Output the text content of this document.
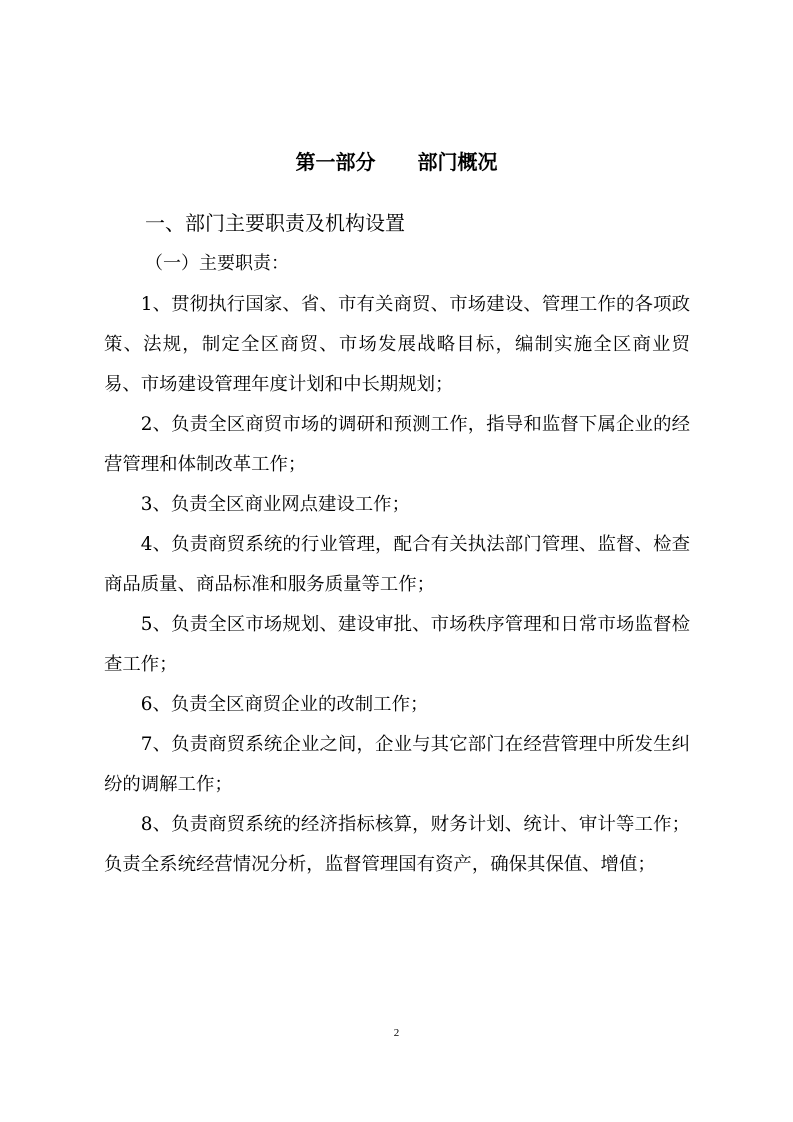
第一部分 部门概况
一、部门主要职责及机构设置
（一）主要职责：

1、贯彻执行国家、省、市有关商贸、市场建设、管理工作的各项政策、法规，制定全区商贸、市场发展战略目标，编制实施全区商业贸易、市场建设管理年度计划和中长期规划；

2、负责全区商贸市场的调研和预测工作，指导和监督下属企业的经营管理和体制改革工作；

3、负责全区商业网点建设工作；

4、负责商贸系统的行业管理，配合有关执法部门管理、监督、检查商品质量、商品标准和服务质量等工作；

5、负责全区市场规划、建设审批、市场秩序管理和日常市场监督检查工作；

6、负责全区商贸企业的改制工作；

7、负责商贸系统企业之间，企业与其它部门在经营管理中所发生纠纷的调解工作；

8、负责商贸系统的经济指标核算，财务计划、统计、审计等工作；负责全系统经营情况分析，监督管理国有资产，确保其保值、增值；

2
